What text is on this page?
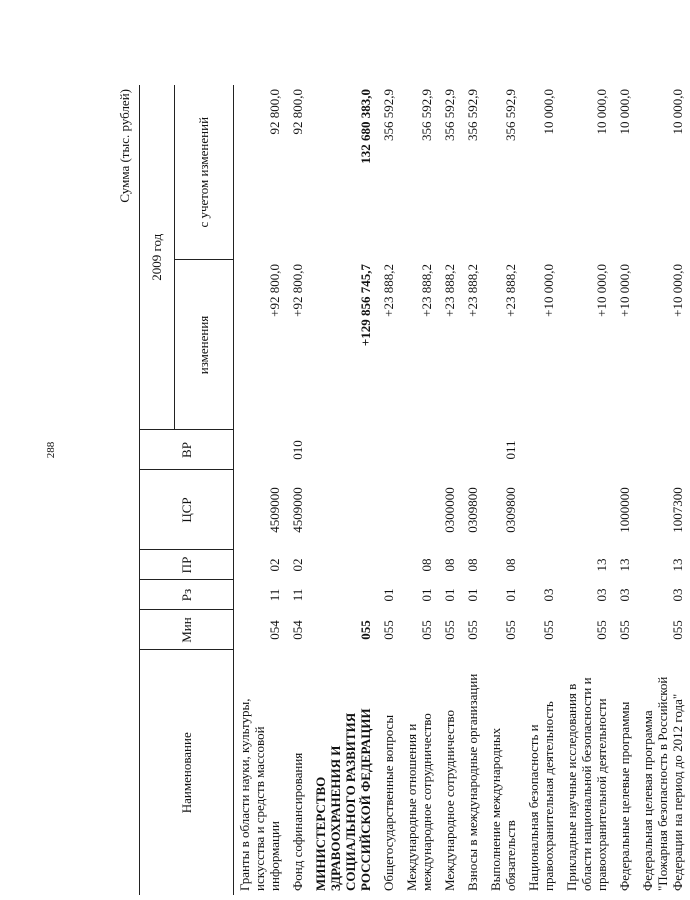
288
Сумма (тыс. рублей)
Наименование	Мин	Рз	ПР	ЦСР	ВР	2009 год	
						изменения	с учетом изменений
Гранты в области науки, культуры, искусства и средств массовой информации	054	11	02	4509000		+92 800,0	92 800,0
Фонд софинансирования	054	11	02	4509000	010	+92 800,0	92 800,0
МИНИСТЕРСТВО ЗДРАВООХРАНЕНИЯ И СОЦИАЛЬНОГО РАЗВИТИЯ РОССИЙСКОЙ ФЕДЕРАЦИИ	055					+129 856 745,7	132 680 383,0
Общегосударственные вопросы	055	01				+23 888,2	356 592,9
Международные отношения и международное сотрудничество	055	01	08			+23 888,2	356 592,9
Международное сотрудничество	055	01	08	0300000		+23 888,2	356 592,9
Взносы в международные организации	055	01	08	0309800		+23 888,2	356 592,9
Выполнение международных обязательств	055	01	08	0309800	011	+23 888,2	356 592,9
Национальная безопасность и правоохранительная деятельность	055	03				+10 000,0	10 000,0
Прикладные научные исследования в области национальной безопасности и правоохранительной деятельности	055	03	13			+10 000,0	10 000,0
Федеральные целевые программы	055	03	13	1000000		+10 000,0	10 000,0
Федеральная целевая программа "Пожарная безопасность в Российской Федерации на период до 2012 года"	055	03	13	1007300		+10 000,0	10 000,0
